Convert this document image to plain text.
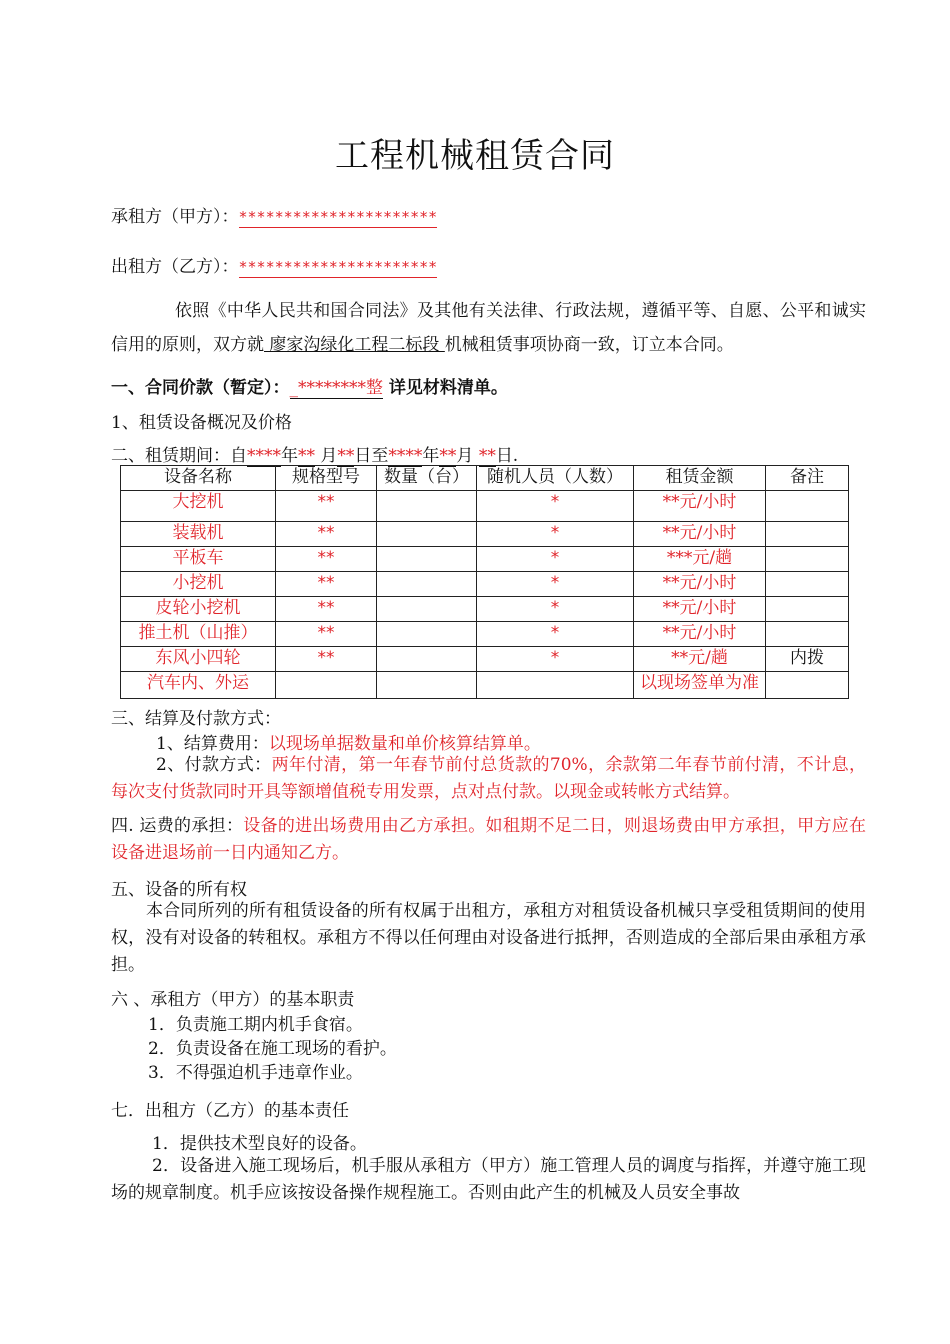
工程机械租赁合同
承租方（甲方）：**********************
出租方（乙方）：**********************
依照《中华人民共和国合同法》及其他有关法律、行政法规，遵循平等、自愿、公平和诚实信用的原则，双方就 廖家沟绿化工程二标段 机械租赁事项协商一致，订立本合同。
一、合同价款（暂定）：_********整 详见材料清单。
1、租赁设备概况及价格
二、租赁期间：自****年** 月**日至****年**月 **日.
设备名称	规格型号	数量（台）	随机人员（人数）	租赁金额	备注
大挖机	**		*	**元/小时	
装载机	**		*	**元/小时	
平板车	**		*	***元/趟	
小挖机	**		*	**元/小时	
皮轮小挖机	**		*	**元/小时	
推土机（山推）	**		*	**元/小时	
东风小四轮	**		*	**元/趟	内拨
汽车内、外运				以现场签单为准	
三、结算及付款方式：
1、结算费用：以现场单据数量和单价核算结算单。
2、付款方式：两年付清，第一年春节前付总货款的70%，余款第二年春节前付清，不计息，每次支付货款同时开具等额增值税专用发票，点对点付款。以现金或转帐方式结算。
四. 运费的承担：设备的进出场费用由乙方承担。如租期不足二日，则退场费由甲方承担，甲方应在设备进退场前一日内通知乙方。
五、设备的所有权
本合同所列的所有租赁设备的所有权属于出租方，承租方对租赁设备机械只享受租赁期间的使用权，没有对设备的转租权。承租方不得以任何理由对设备进行抵押，否则造成的全部后果由承租方承担。
六 、承租方（甲方）的基本职责
1．负责施工期内机手食宿。
2．负责设备在施工现场的看护。
3．不得强迫机手违章作业。
七．出租方（乙方）的基本责任
1．提供技术型良好的设备。
2．设备进入施工现场后，机手服从承租方（甲方）施工管理人员的调度与指挥，并遵守施工现场的规章制度。机手应该按设备操作规程施工。否则由此产生的机械及人员安全事故
